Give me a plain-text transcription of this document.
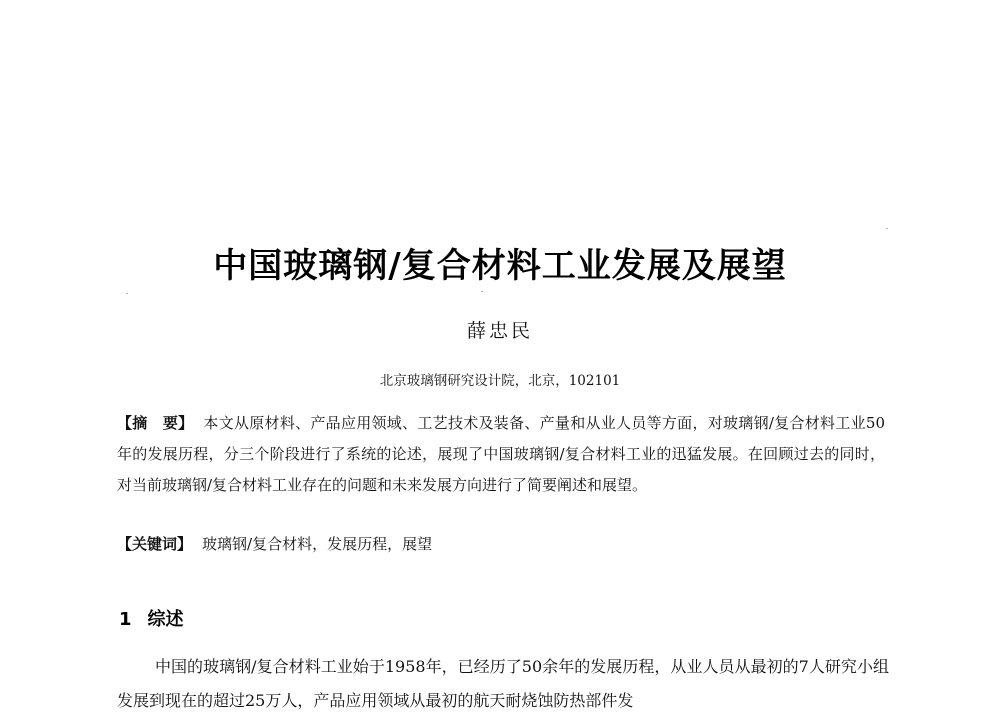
中国玻璃钢/复合材料工业发展及展望
薛忠民
北京玻璃钢研究设计院，北京，102101
【摘　要】 本文从原材料、产品应用领域、工艺技术及装备、产量和从业人员等方面，对玻璃钢/复合材料工业50年的发展历程，分三个阶段进行了系统的论述，展现了中国玻璃钢/复合材料工业的迅猛发展。在回顾过去的同时，对当前玻璃钢/复合材料工业存在的问题和未来发展方向进行了简要阐述和展望。
【关键词】 玻璃钢/复合材料，发展历程，展望
1 综述
中国的玻璃钢/复合材料工业始于1958年，已经历了50余年的发展历程，从业人员从最初的7人研究小组发展到现在的超过25万人，产品应用领域从最初的航天耐烧蚀防热部件发
